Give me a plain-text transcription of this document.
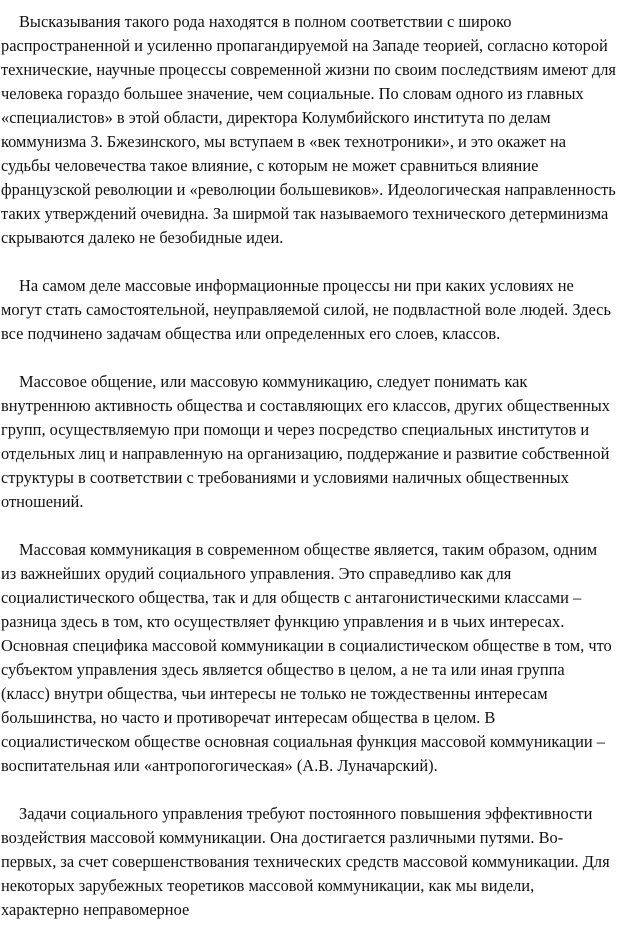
Высказывания такого рода находятся в полном соответствии с широко распространенной и усиленно пропагандируемой на Западе теорией, согласно которой технические, научные процессы современной жизни по своим последствиям имеют для человека гораздо большее значение, чем социальные. По словам одного из главных «специалистов» в этой области, директора Колумбийского института по делам коммунизма З. Бжезинского, мы вступаем в «век технотроники», и это окажет на судьбы человечества такое влияние, с которым не может сравниться влияние французской революции и «революции большевиков». Идеологическая направленность таких утверждений очевидна. За ширмой так называемого технического детерминизма скрываются далеко не безобидные идеи.

На самом деле массовые информационные процессы ни при каких условиях не могут стать самостоятельной, неуправляемой силой, не подвластной воле людей. Здесь все подчинено задачам общества или определенных его слоев, классов.

Массовое общение, или массовую коммуникацию, следует понимать как внутреннюю активность общества и составляющих его классов, других общественных групп, осуществляемую при помощи и через посредство специальных институтов и отдельных лиц и направленную на организацию, поддержание и развитие собственной структуры в соответствии с требованиями и условиями наличных общественных отношений.

Массовая коммуникация в современном обществе является, таким образом, одним из важнейших орудий социального управления. Это справедливо как для социалистического общества, так и для обществ с антагонистическими классами – разница здесь в том, кто осуществляет функцию управления и в чьих интересах. Основная специфика массовой коммуникации в социалистическом обществе в том, что субъектом управления здесь является общество в целом, а не та или иная группа (класс) внутри общества, чьи интересы не только не тождественны интересам большинства, но часто и противоречат интересам общества в целом. В социалистическом обществе основная социальная функция массовой коммуникации – воспитательная или «антропогогическая» (А.В. Луначарский).

Задачи социального управления требуют постоянного повышения эффективности воздействия массовой коммуникации. Она достигается различными путями. Во-первых, за счет совершенствования технических средств массовой коммуникации. Для некоторых зарубежных теоретиков массовой коммуникации, как мы видели, характерно неправомерное
